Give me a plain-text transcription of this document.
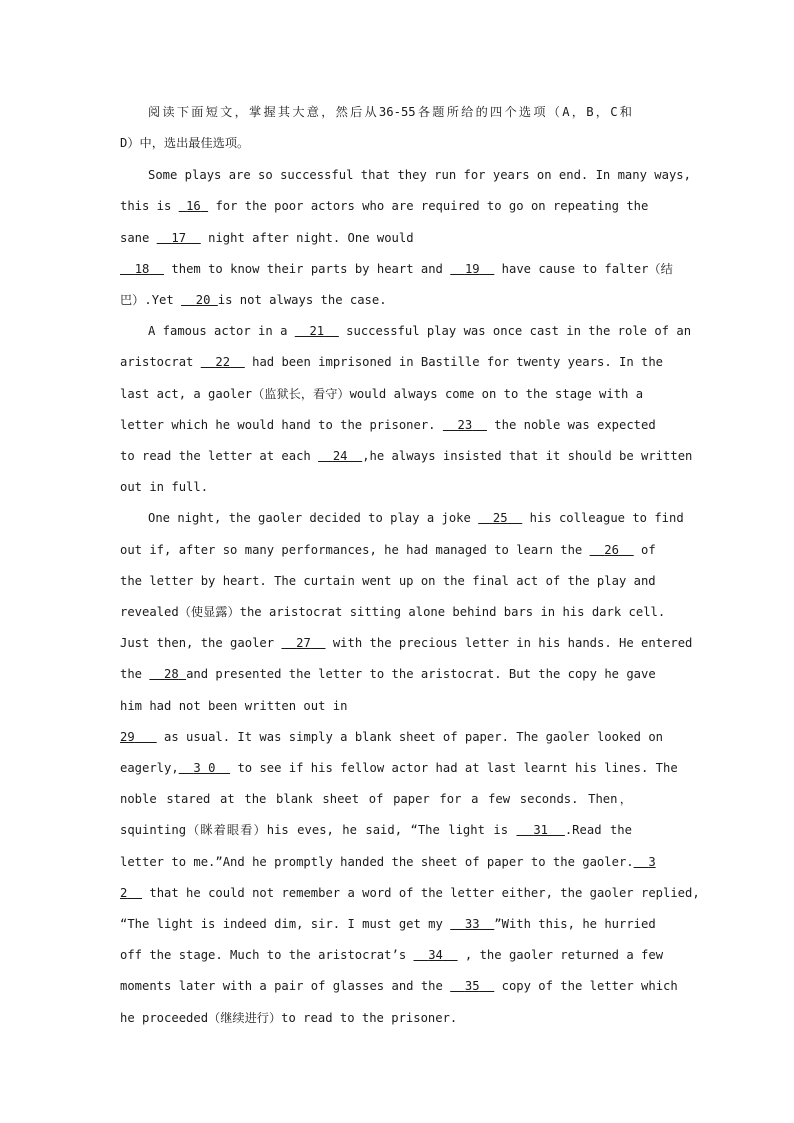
阅读下面短文，掌握其大意，然后从36-55各题所给的四个选项（A，B，C和
D）中，选出最佳选项。
Some plays are so successful that they run for years on end. In many ways,
this is 16 for the poor actors who are required to go on repeating the
sane 17 night after night. One would
18 them to know their parts by heart and 19 have cause to falter（结
巴）.Yet 20 is not always the case.
A famous actor in a 21 successful play was once cast in the role of an
aristocrat 22 had been imprisoned in Bastille for twenty years. In the
last act, a gaoler（监狱长，看守）would always come on to the stage with a
letter which he would hand to the prisoner. 23 the noble was expected
to read the letter at each 24 ,he always insisted that it should be written
out in full.
One night, the gaoler decided to play a joke 25 his colleague to find
out if, after so many performances, he had managed to learn the 26 of
the letter by heart. The curtain went up on the final act of the play and
revealed（使显露）the aristocrat sitting alone behind bars in his dark cell.
Just then, the gaoler 27 with the precious letter in his hands. He entered
the 28 and presented the letter to the aristocrat. But the copy he gave
him had not been written out in
29 as usual. It was simply a blank sheet of paper. The gaoler looked on
eagerly, 3 0 to see if his fellow actor had at last learnt his lines. The
noble stared at the blank sheet of paper for a few seconds. Then，
squinting（眯着眼看）his eves, he said, “The light is 31 .Read the
letter to me.”And he promptly handed the sheet of paper to the gaoler. 3
2 that he could not remember a word of the letter either, the gaoler replied,
“The light is indeed dim, sir. I must get my 33 ”With this, he hurried
off the stage. Much to the aristocrat’s 34 , the gaoler returned a few
moments later with a pair of glasses and the 35 copy of the letter which
he proceeded（继续进行）to read to the prisoner.
